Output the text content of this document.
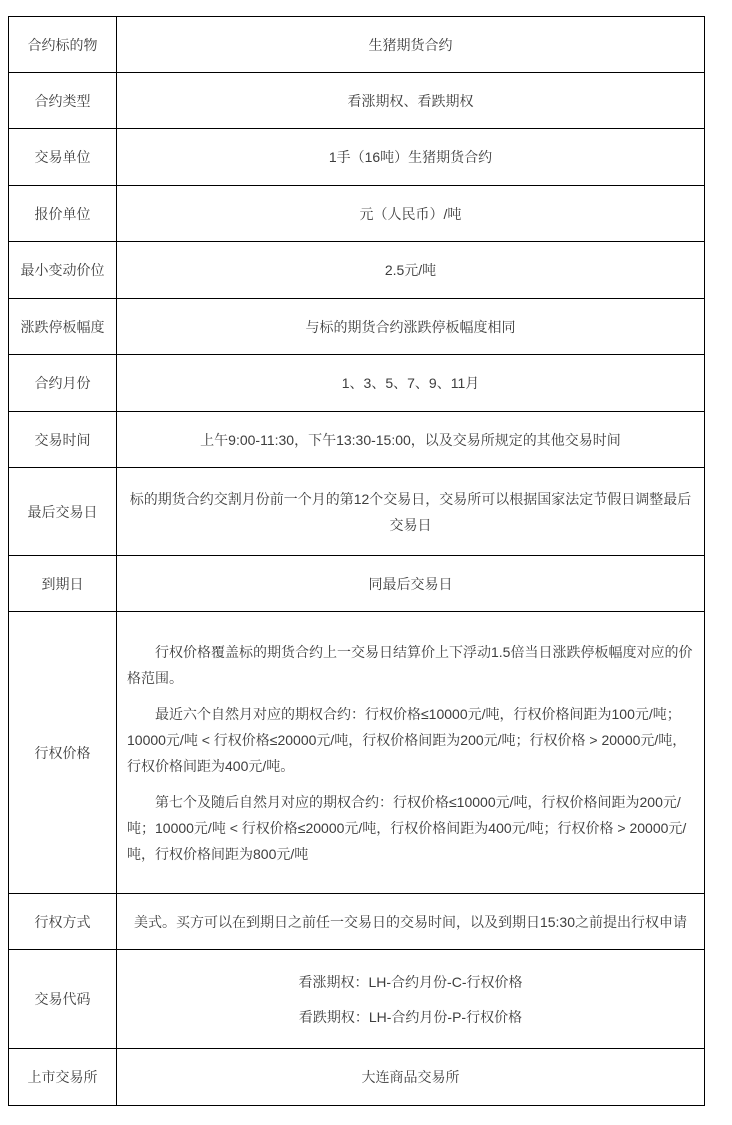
合约标的物	生猪期货合约

合约类型	看涨期权、看跌期权

交易单位	1手（16吨）生猪期货合约

报价单位	元（人民币）/吨

最小变动价位	2.5元/吨

涨跌停板幅度	与标的期货合约涨跌停板幅度相同

合约月份	1、3、5、7、9、11月

交易时间	上午9:00-11:30，下午13:30-15:00，以及交易所规定的其他交易时间

最后交易日	标的期货合约交割月份前一个月的第12个交易日，交易所可以根据国家法定节假日调整最后交易日

到期日	同最后交易日

行权价格	行权价格覆盖标的期货合约上一交易日结算价上下浮动1.5倍当日涨跌停板幅度对应的价格范围。

最近六个自然月对应的期权合约：行权价格≤10000元/吨，行权价格间距为100元/吨；10000元/吨 < 行权价格≤20000元/吨，行权价格间距为200元/吨；行权价格 > 20000元/吨，行权价格间距为400元/吨。

第七个及随后自然月对应的期权合约：行权价格≤10000元/吨，行权价格间距为200元/吨；10000元/吨 < 行权价格≤20000元/吨，行权价格间距为400元/吨；行权价格 > 20000元/吨，行权价格间距为800元/吨

行权方式	美式。买方可以在到期日之前任一交易日的交易时间，以及到期日15:30之前提出行权申请

交易代码	看涨期权：LH-合约月份-C-行权价格

看跌期权：LH-合约月份-P-行权价格

上市交易所	大连商品交易所
